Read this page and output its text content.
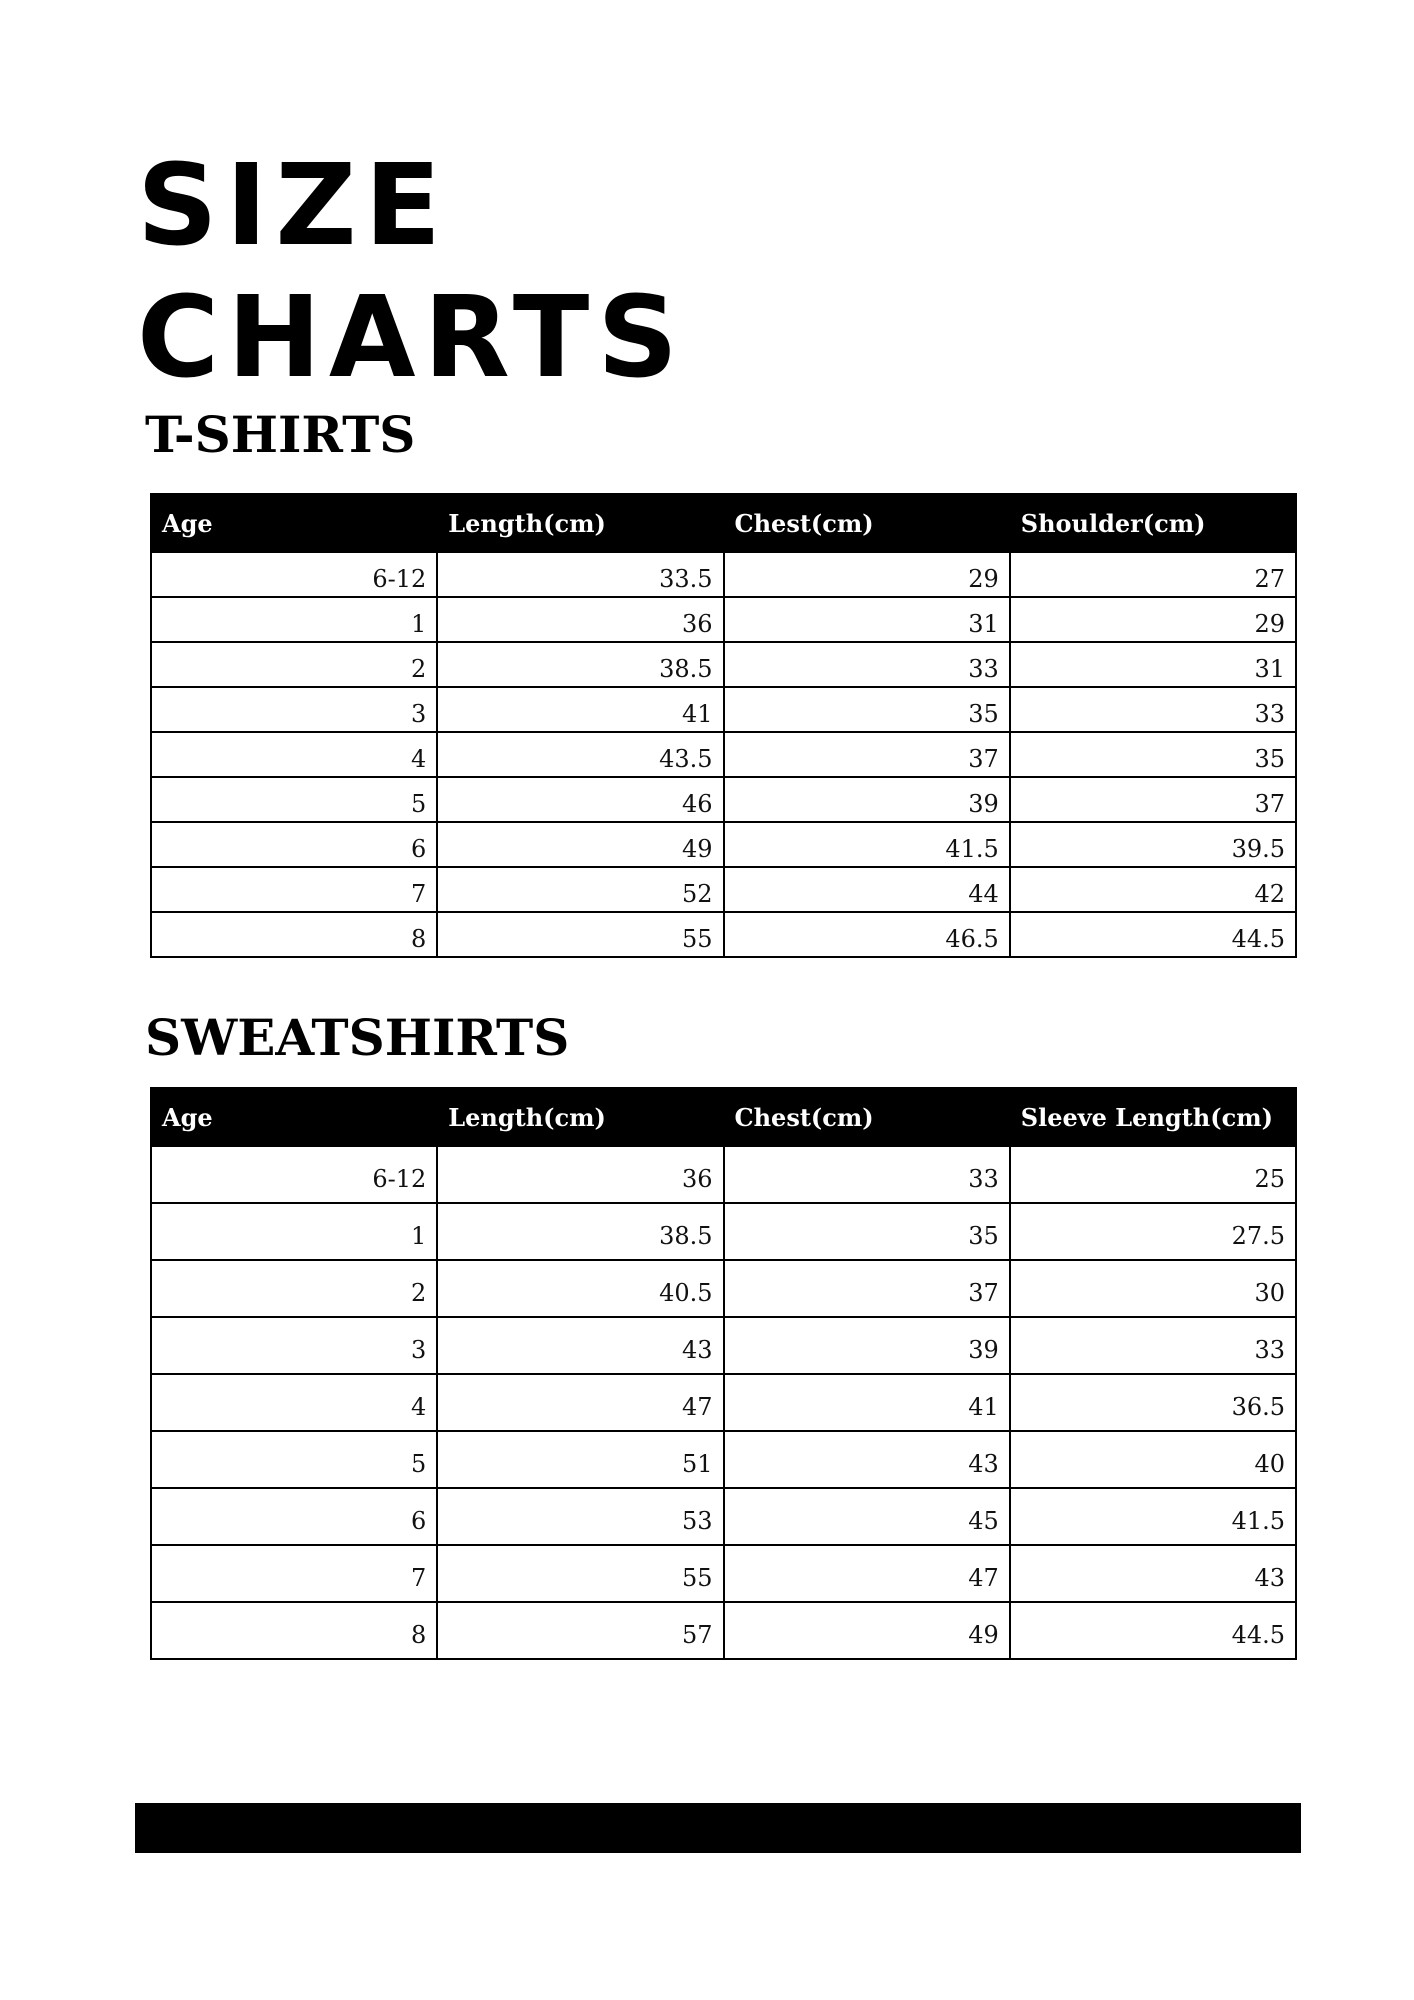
SIZE
CHARTS
T-SHIRTS
Age	Length(cm)	Chest(cm)	Shoulder(cm)
6-12	33.5	29	27
1	36	31	29
2	38.5	33	31
3	41	35	33
4	43.5	37	35
5	46	39	37
6	49	41.5	39.5
7	52	44	42
8	55	46.5	44.5
SWEATSHIRTS
Age	Length(cm)	Chest(cm)	Sleeve Length(cm)
6-12	36	33	25
1	38.5	35	27.5
2	40.5	37	30
3	43	39	33
4	47	41	36.5
5	51	43	40
6	53	45	41.5
7	55	47	43
8	57	49	44.5
